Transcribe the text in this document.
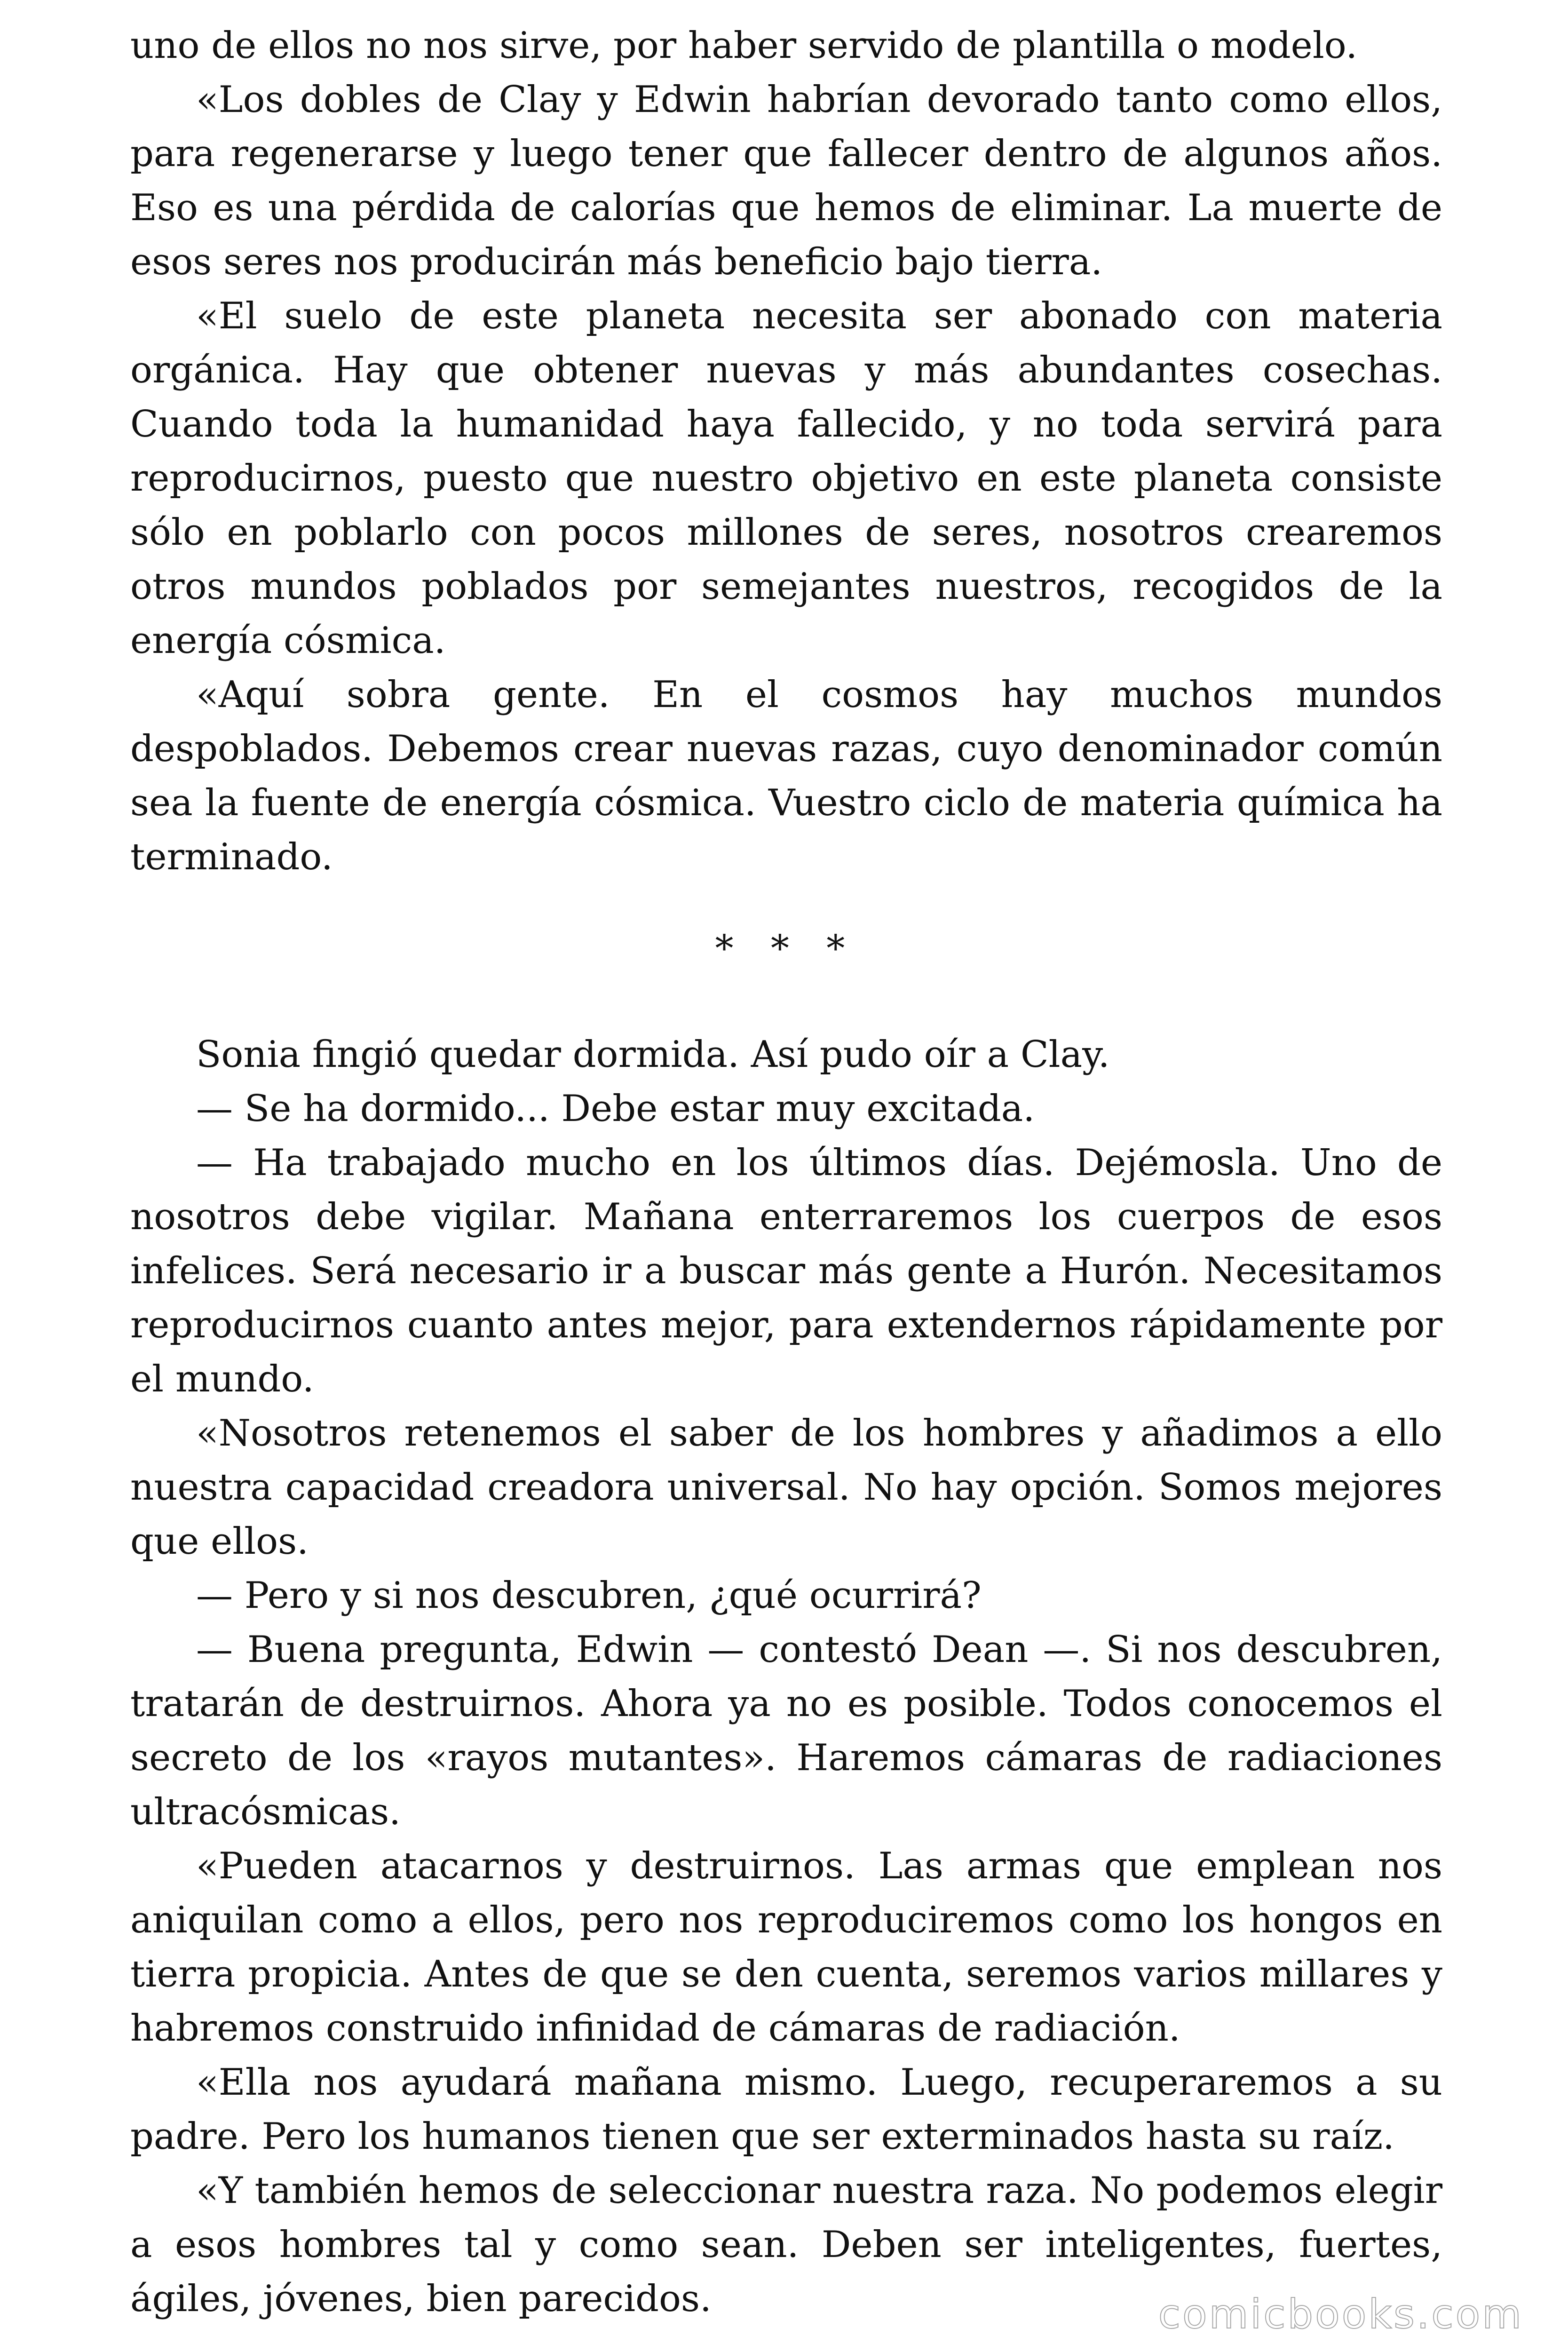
uno de ellos no nos sirve, por haber servido de plantilla o modelo.

«Los dobles de Clay y Edwin habrían devorado tanto como ellos, para regenerarse y luego tener que fallecer dentro de algunos años. Eso es una pérdida de calorías que hemos de eliminar. La muerte de esos seres nos producirán más beneficio bajo tierra.

«El suelo de este planeta necesita ser abonado con materia orgánica. Hay que obtener nuevas y más abundantes cosechas. Cuando toda la humanidad haya fallecido, y no toda servirá para reproducirnos, puesto que nuestro objetivo en este planeta consiste sólo en poblarlo con pocos millones de seres, nosotros crearemos otros mundos poblados por semejantes nuestros, recogidos de la energía cósmica.

«Aquí sobra gente. En el cosmos hay muchos mundos despoblados. Debemos crear nuevas razas, cuyo denominador común sea la fuente de energía cósmica. Vuestro ciclo de materia química ha terminado.

* * *

Sonia fingió quedar dormida. Así pudo oír a Clay.

— Se ha dormido... Debe estar muy excitada.

— Ha trabajado mucho en los últimos días. Dejémosla. Uno de nosotros debe vigilar. Mañana enterraremos los cuerpos de esos infelices. Será necesario ir a buscar más gente a Hurón. Necesitamos reproducirnos cuanto antes mejor, para extendernos rápidamente por el mundo.

«Nosotros retenemos el saber de los hombres y añadimos a ello nuestra capacidad creadora universal. No hay opción. Somos mejores que ellos.

— Pero y si nos descubren, ¿qué ocurrirá?

— Buena pregunta, Edwin — contestó Dean —. Si nos descubren, tratarán de destruirnos. Ahora ya no es posible. Todos conocemos el secreto de los «rayos mutantes». Haremos cámaras de radiaciones ultracósmicas.

«Pueden atacarnos y destruirnos. Las armas que emplean nos aniquilan como a ellos, pero nos reproduciremos como los hongos en tierra propicia. Antes de que se den cuenta, seremos varios millares y habremos construido infinidad de cámaras de radiación.

«Ella nos ayudará mañana mismo. Luego, recuperaremos a su padre. Pero los humanos tienen que ser exterminados hasta su raíz.

«Y también hemos de seleccionar nuestra raza. No podemos elegir a esos hombres tal y como sean. Deben ser inteligentes, fuertes, ágiles, jóvenes, bien parecidos.	comicbooks.com
